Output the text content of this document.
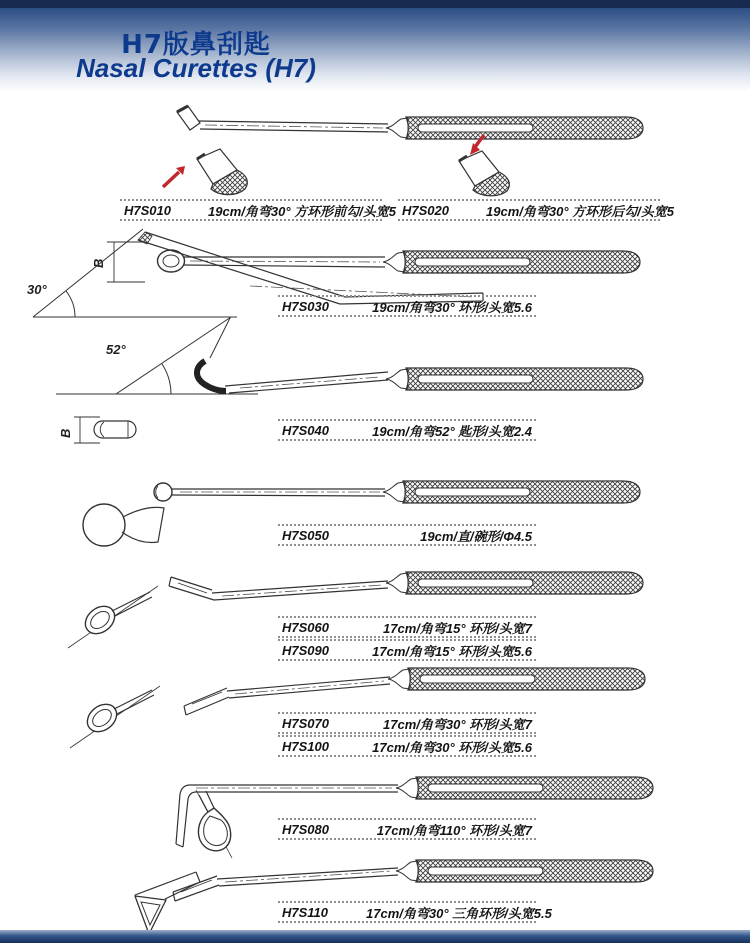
H7版鼻刮匙
Nasal Curettes (H7)
B
30°
52°
B
H7S010	19cm/角弯30° 方环形前勾/头宽5 H7S020	19cm/角弯30° 方环形后勾/头宽5
H7S030	19cm/角弯30° 环形/头宽5.6
H7S040	19cm/角弯52° 匙形/头宽2.4
H7S050	19cm/直/碗形/Φ4.5
H7S060	17cm/角弯15° 环形/头宽7
H7S090	17cm/角弯15° 环形/头宽5.6
H7S070	17cm/角弯30° 环形/头宽7
H7S100	17cm/角弯30° 环形/头宽5.6
H7S080	17cm/角弯110° 环形/头宽7
H7S110	17cm/角弯30° 三角环形/头宽5.5
